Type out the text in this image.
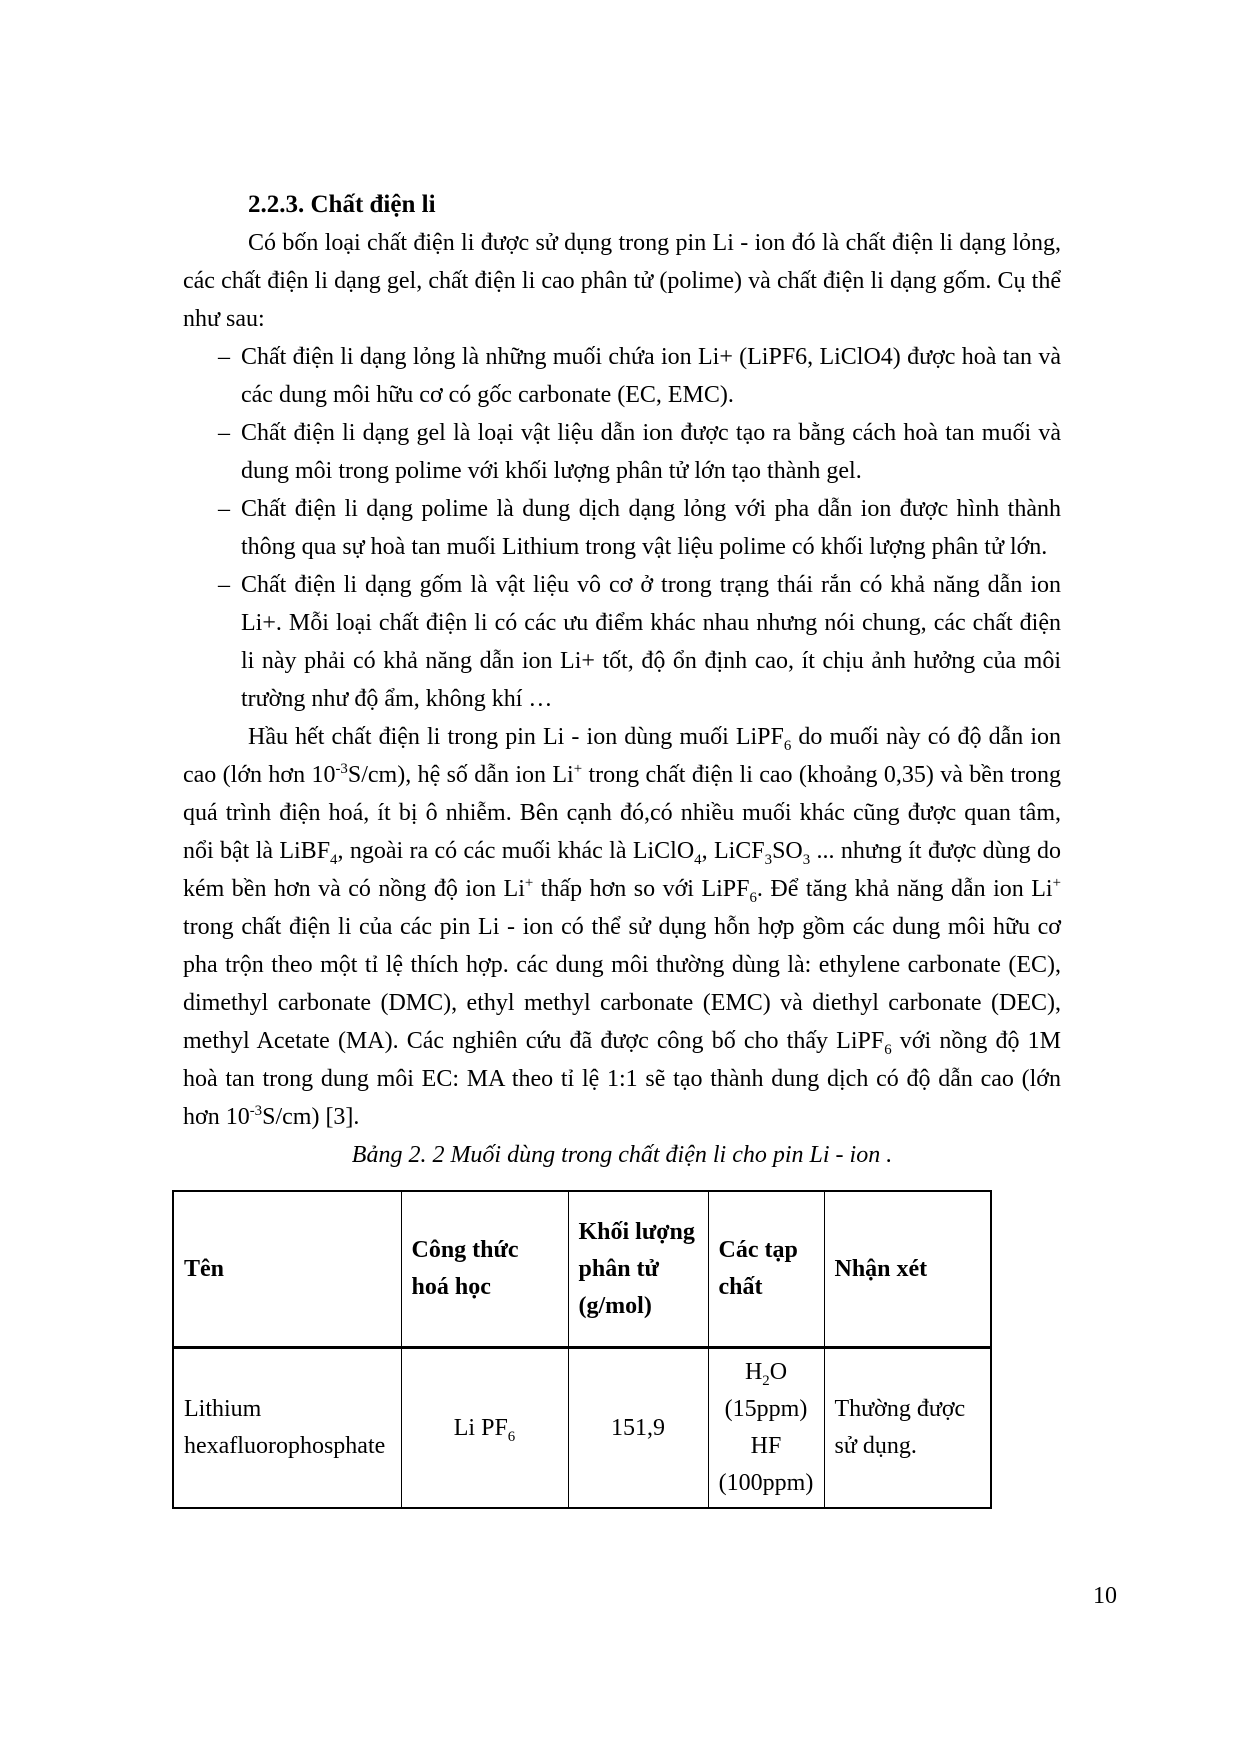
2.2.3. Chất điện li

Có bốn loại chất điện li được sử dụng trong pin Li - ion đó là chất điện li dạng lỏng, các chất điện li dạng gel, chất điện li cao phân tử (polime) và chất điện li dạng gốm. Cụ thể như sau:

– Chất điện li dạng lỏng là những muối chứa ion Li+ (LiPF6, LiClO4) được hoà tan và các dung môi hữu cơ có gốc carbonate (EC, EMC).
– Chất điện li dạng gel là loại vật liệu dẫn ion được tạo ra bằng cách hoà tan muối và dung môi trong polime với khối lượng phân tử lớn tạo thành gel.
– Chất điện li dạng polime là dung dịch dạng lỏng với pha dẫn ion được hình thành thông qua sự hoà tan muối Lithium trong vật liệu polime có khối lượng phân tử lớn.
– Chất điện li dạng gốm là vật liệu vô cơ ở trong trạng thái rắn có khả năng dẫn ion Li+. Mỗi loại chất điện li có các ưu điểm khác nhau nhưng nói chung, các chất điện li này phải có khả năng dẫn ion Li+ tốt, độ ổn định cao, ít chịu ảnh hưởng của môi trường như độ ẩm, không khí …

Hầu hết chất điện li trong pin Li - ion dùng muối LiPF$_6$ do muối này có độ dẫn ion cao (lớn hơn $10^{-3}S/cm$), hệ số dẫn ion Li+ trong chất điện li cao (khoảng 0,35) và bền trong quá trình điện hoá, ít bị ô nhiễm. Bên cạnh đó,có nhiều muối khác cũng được quan tâm, nổi bật là LiBF$_4$, ngoài ra có các muối khác là LiClO$_4$, $LiCF_3SO_3$ ... nhưng ít được dùng do kém bền hơn và có nồng độ ion Li+ thấp hơn so với LiPF$_6$. Để tăng khả năng dẫn ion Li+ trong chất điện li của các pin Li - ion có thể sử dụng hỗn hợp gồm các dung môi hữu cơ pha trộn theo một tỉ lệ thích hợp. các dung môi thường dùng là: ethylene carbonate (EC), dimethyl carbonate (DMC), ethyl methyl carbonate (EMC) và diethyl carbonate (DEC), methyl Acetate (MA). Các nghiên cứu đã được công bố cho thấy LiPF$_6$ với nồng độ 1M hoà tan trong dung môi EC: MA theo tỉ lệ 1:1 sẽ tạo thành dung dịch có độ dẫn cao (lớn hơn $10^{-3}S/cm$) [3].

Bảng 2. 2 Muối dùng trong chất điện li cho pin Li - ion .

Tên	Công thức hoá học	Khối lượng phân tử (g/mol)	Các tạp chất	Nhận xét
Lithium hexafluorophosphate	Li $PF_6$	151,9	$H_2O$
(15ppm)
HF
(100ppm)	Thường được sử dụng.
10
